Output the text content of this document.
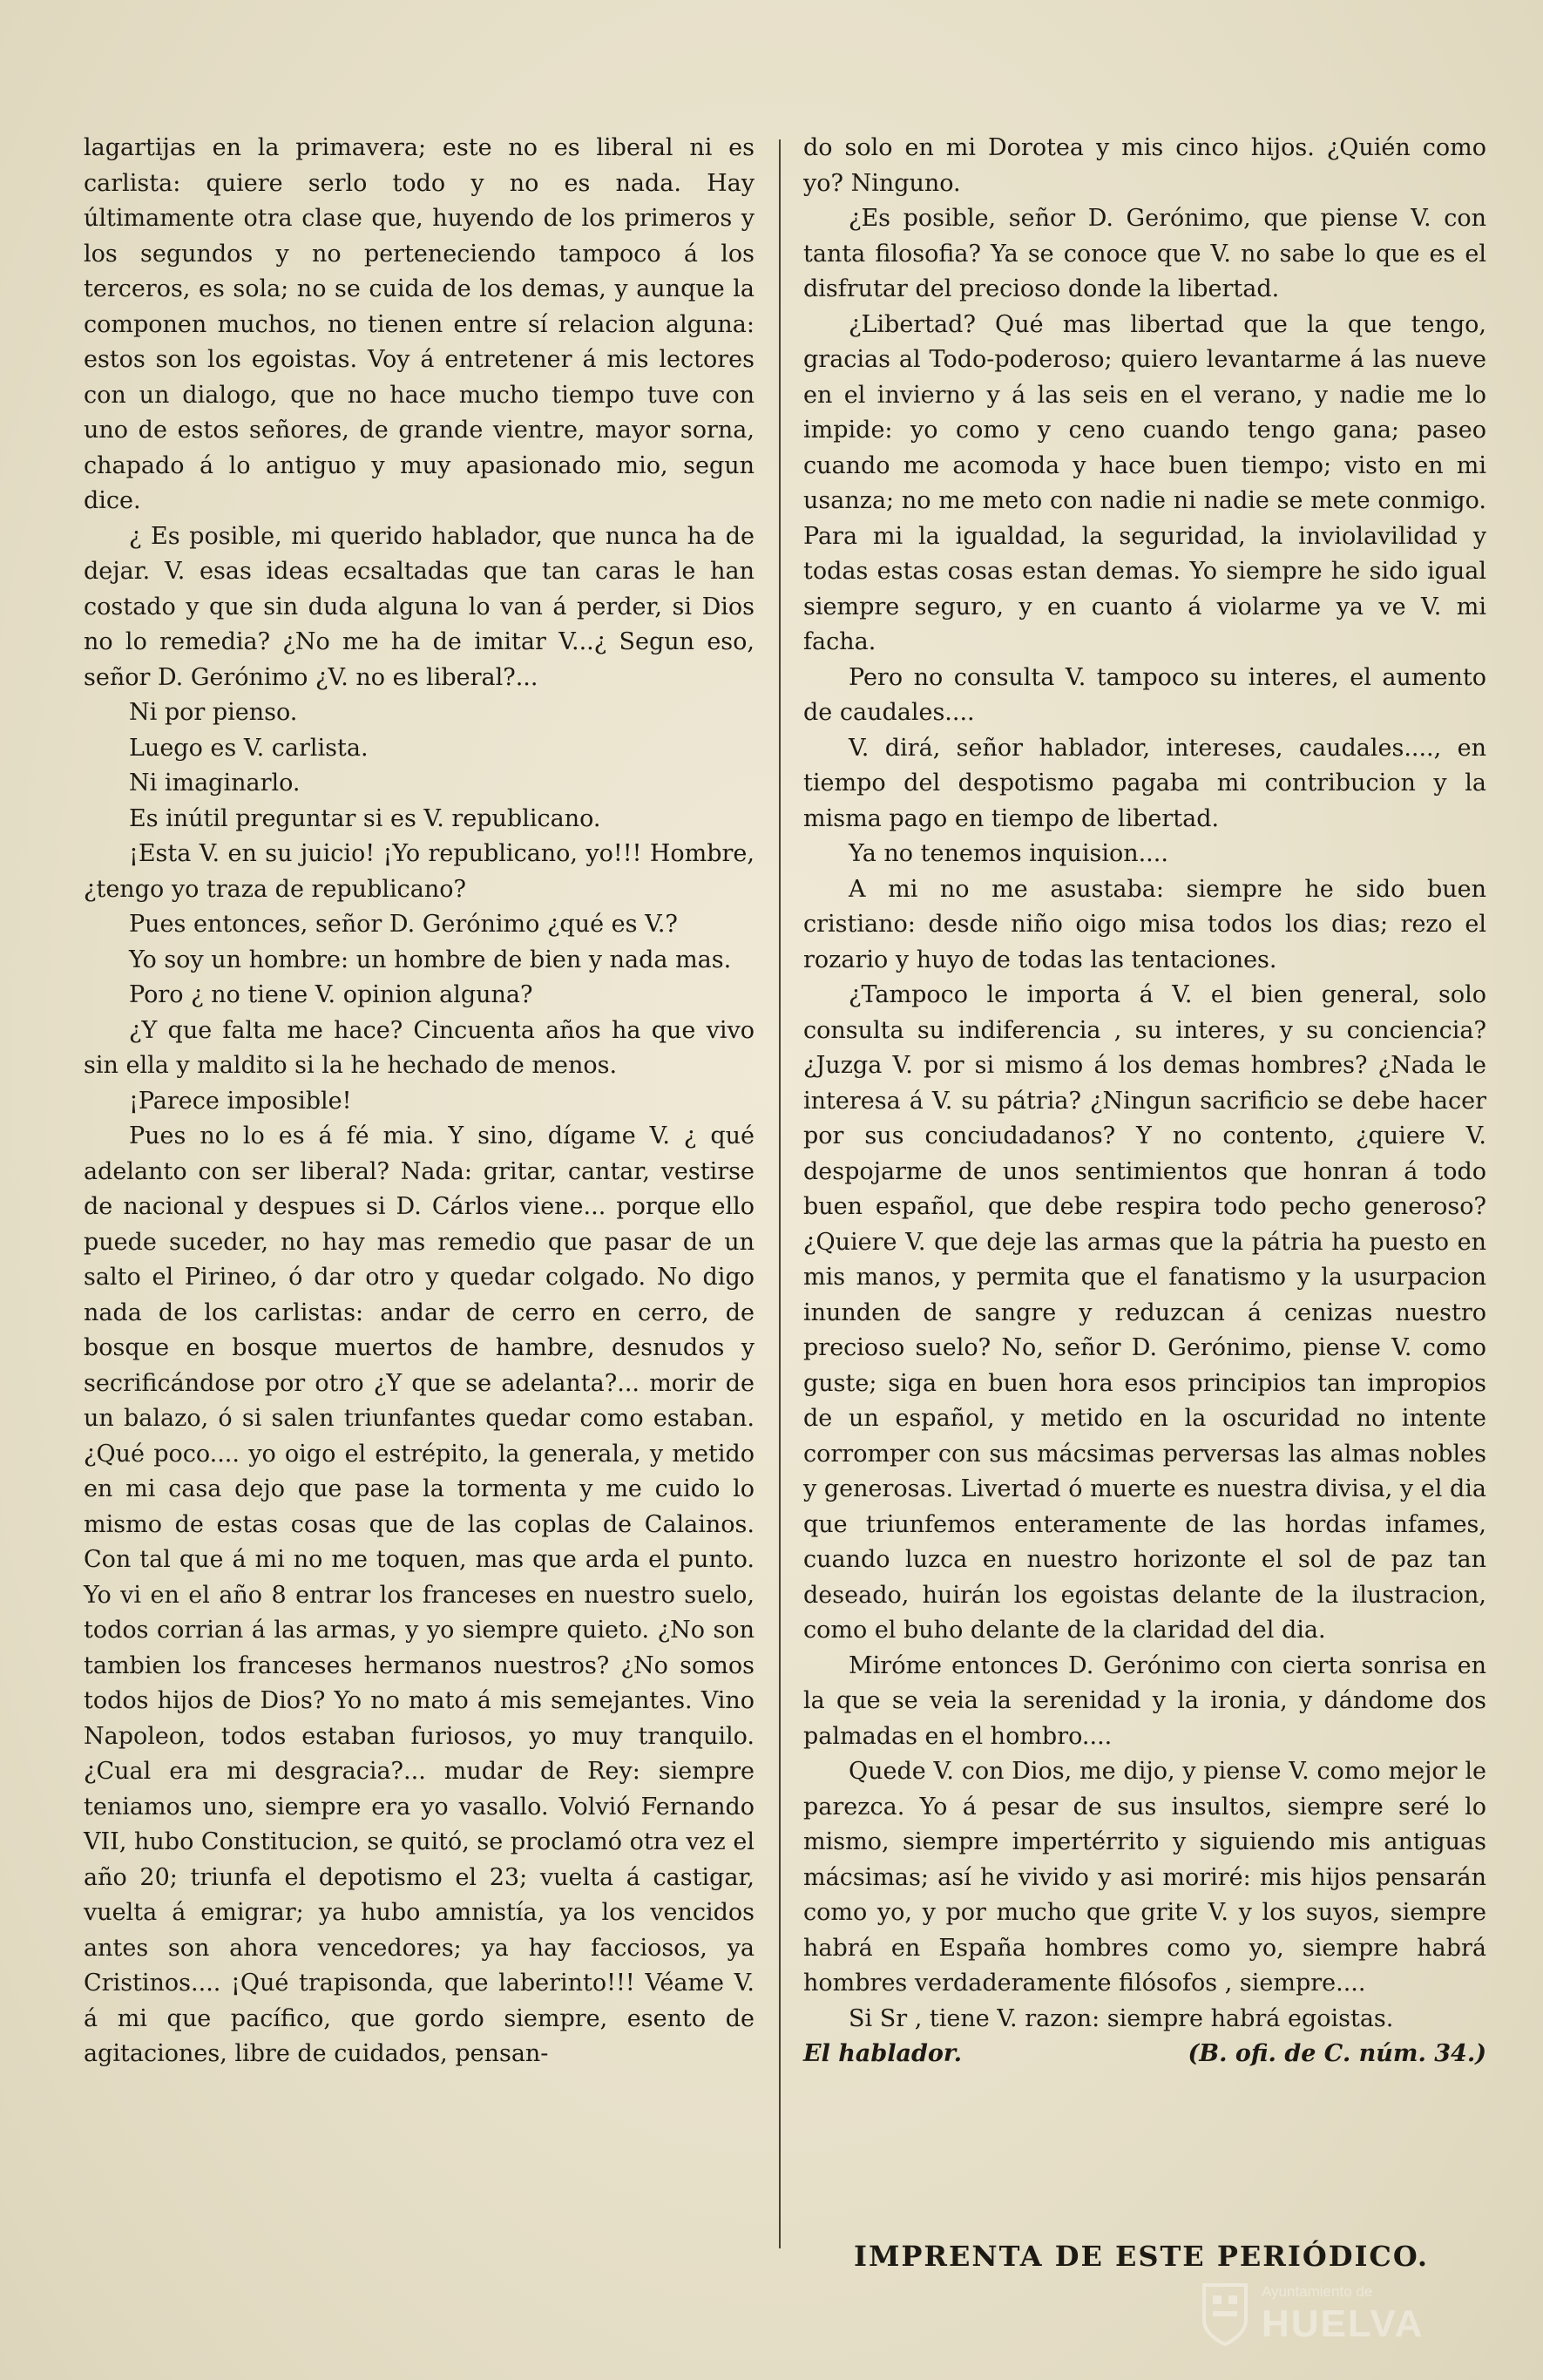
lagartijas en la primavera; este no es liberal ni es carlista: quiere serlo todo y no es nada. Hay últimamente otra clase que, huyendo de los primeros y los segundos y no perteneciendo tampoco á los terceros, es sola; no se cuida de los demas, y aunque la componen muchos, no tienen entre sí relacion alguna: estos son los egoistas. Voy á entretener á mis lectores con un dialogo, que no hace mucho tiempo tuve con uno de estos señores, de grande vientre, mayor sorna, chapado á lo antiguo y muy apasionado mio, segun dice.

¿ Es posible, mi querido hablador, que nunca ha de dejar. V. esas ideas ecsaltadas que tan caras le han costado y que sin duda alguna lo van á perder, si Dios no lo remedia? ¿No me ha de imitar V...¿ Segun eso, señor D. Gerónimo ¿V. no es liberal?...

Ni por pienso.

Luego es V. carlista.

Ni imaginarlo.

Es inútil preguntar si es V. republicano.

¡Esta V. en su juicio! ¡Yo republicano, yo!!! Hombre, ¿tengo yo traza de republicano?

Pues entonces, señor D. Gerónimo ¿qué es V.?

Yo soy un hombre: un hombre de bien y nada mas.

Poro ¿ no tiene V. opinion alguna?

¿Y que falta me hace? Cincuenta años ha que vivo sin ella y maldito si la he hechado de menos.

¡Parece imposible!

Pues no lo es á fé mia. Y sino, dígame V. ¿ qué adelanto con ser liberal? Nada: gritar, cantar, vestirse de nacional y despues si D. Cárlos viene... porque ello puede suceder, no hay mas remedio que pasar de un salto el Pirineo, ó dar otro y quedar colgado. No digo nada de los carlistas: andar de cerro en cerro, de bosque en bosque muertos de hambre, desnudos y secrificándose por otro ¿Y que se adelanta?... morir de un balazo, ó si salen triunfantes quedar como estaban. ¿Qué poco.... yo oigo el estrépito, la generala, y metido en mi casa dejo que pase la tormenta y me cuido lo mismo de estas cosas que de las coplas de Calainos. Con tal que á mi no me toquen, mas que arda el punto. Yo vi en el año 8 entrar los franceses en nuestro suelo, todos corrian á las armas, y yo siempre quieto. ¿No son tambien los franceses hermanos nuestros? ¿No somos todos hijos de Dios? Yo no mato á mis semejantes. Vino Napoleon, todos estaban furiosos, yo muy tranquilo. ¿Cual era mi desgracia?... mudar de Rey: siempre teniamos uno, siempre era yo vasallo. Volvió Fernando VII, hubo Constitucion, se quitó, se proclamó otra vez el año 20; triunfa el depotismo el 23; vuelta á castigar, vuelta á emigrar; ya hubo amnistía, ya los vencidos antes son ahora vencedores; ya hay facciosos, ya Cristinos.... ¡Qué trapisonda, que laberinto!!! Véame V. á mi que pacífico, que gordo siempre, esento de agitaciones, libre de cuidados, pensan-

do solo en mi Dorotea y mis cinco hijos. ¿Quién como yo? Ninguno.

¿Es posible, señor D. Gerónimo, que piense V. con tanta filosofia? Ya se conoce que V. no sabe lo que es el disfrutar del precioso donde la libertad.

¿Libertad? Qué mas libertad que la que tengo, gracias al Todo-poderoso; quiero levantarme á las nueve en el invierno y á las seis en el verano, y nadie me lo impide: yo como y ceno cuando tengo gana; paseo cuando me acomoda y hace buen tiempo; visto en mi usanza; no me meto con nadie ni nadie se mete conmigo. Para mi la igualdad, la seguridad, la inviolavilidad y todas estas cosas estan demas. Yo siempre he sido igual siempre seguro, y en cuanto á violarme ya ve V. mi facha.

Pero no consulta V. tampoco su interes, el aumento de caudales....

V. dirá, señor hablador, intereses, caudales...., en tiempo del despotismo pagaba mi contribucion y la misma pago en tiempo de libertad.

Ya no tenemos inquision....

A mi no me asustaba: siempre he sido buen cristiano: desde niño oigo misa todos los dias; rezo el rozario y huyo de todas las tentaciones.

¿Tampoco le importa á V. el bien general, solo consulta su indiferencia , su interes, y su conciencia? ¿Juzga V. por si mismo á los demas hombres? ¿Nada le interesa á V. su pátria? ¿Ningun sacrificio se debe hacer por sus conciudadanos? Y no contento, ¿quiere V. despojarme de unos sentimientos que honran á todo buen español, que debe respira todo pecho generoso? ¿Quiere V. que deje las armas que la pátria ha puesto en mis manos, y permita que el fanatismo y la usurpacion inunden de sangre y reduzcan á cenizas nuestro precioso suelo? No, señor D. Gerónimo, piense V. como guste; siga en buen hora esos principios tan impropios de un español, y metido en la oscuridad no intente corromper con sus mácsimas perversas las almas nobles y generosas. Livertad ó muerte es nuestra divisa, y el dia que triunfemos enteramente de las hordas infames, cuando luzca en nuestro horizonte el sol de paz tan deseado, huirán los egoistas delante de la ilustracion, como el buho delante de la claridad del dia.

Miróme entonces D. Gerónimo con cierta sonrisa en la que se veia la serenidad y la ironia, y dándome dos palmadas en el hombro....

Quede V. con Dios, me dijo, y piense V. como mejor le parezca. Yo á pesar de sus insultos, siempre seré lo mismo, siempre impertérrito y siguiendo mis antiguas mácsimas; así he vivido y asi moriré: mis hijos pensarán como yo, y por mucho que grite V. y los suyos, siempre habrá en España hombres como yo, siempre habrá hombres verdaderamente filósofos , siempre....

Si Sr , tiene V. razon: siempre habrá egoistas.

El hablador.	(B. ofi. de C. núm. 34.)

IMPRENTA DE ESTE PERIÓDICO.
Ayuntamiento de
HUELVA
